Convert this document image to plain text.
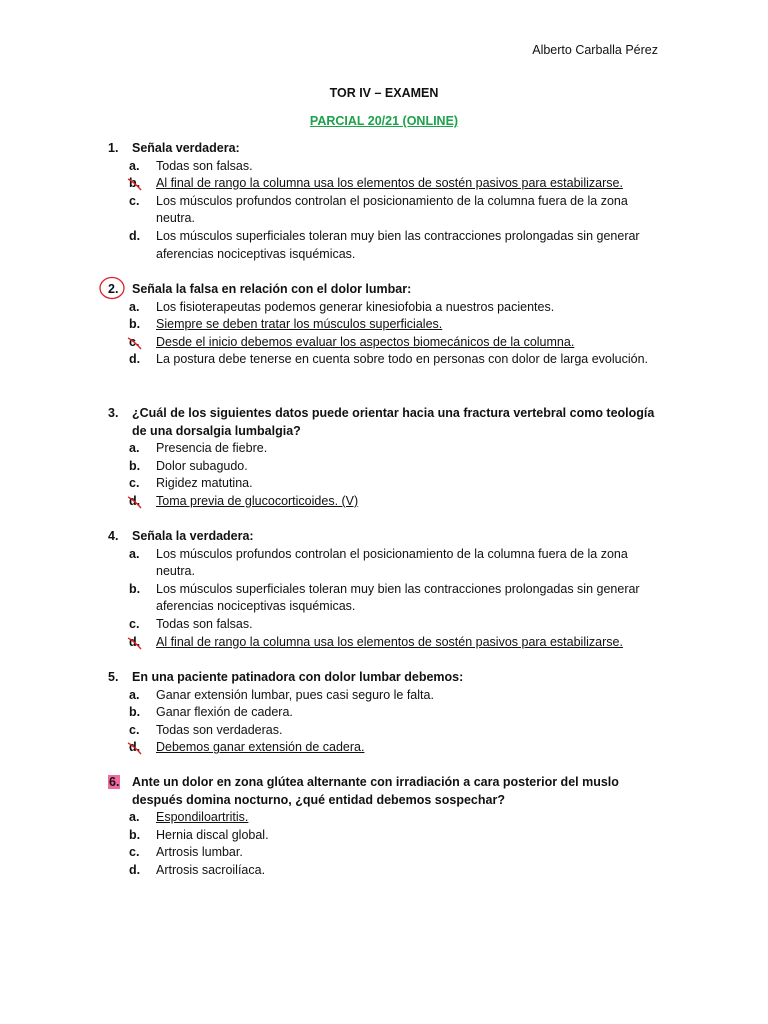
Alberto Carballa Pérez
TOR IV – EXAMEN
PARCIAL 20/21 (ONLINE)
1.	Señala verdadera:
a.	Todas son falsas.
b.	Al final de rango la columna usa los elementos de sostén pasivos para estabilizarse.
c.	Los músculos profundos controlan el posicionamiento de la columna fuera de la zona neutra.
d.	Los músculos superficiales toleran muy bien las contracciones prolongadas sin generar aferencias nociceptivas isquémicas.
2.	Señala la falsa en relación con el dolor lumbar:
a.	Los fisioterapeutas podemos generar kinesiofobia a nuestros pacientes.
b.	Siempre se deben tratar los músculos superficiales.
c.	Desde el inicio debemos evaluar los aspectos biomecánicos de la columna.
d.	La postura debe tenerse en cuenta sobre todo en personas con dolor de larga evolución.
3.	¿Cuál de los siguientes datos puede orientar hacia una fractura vertebral como teología de una dorsalgia lumbalgia?
a.	Presencia de fiebre.
b.	Dolor subagudo.
c.	Rigidez matutina.
d.	Toma previa de glucocorticoides. (V)
4.	Señala la verdadera:
a.	Los músculos profundos controlan el posicionamiento de la columna fuera de la zona neutra.
b.	Los músculos superficiales toleran muy bien las contracciones prolongadas sin generar aferencias nociceptivas isquémicas.
c.	Todas son falsas.
d.	Al final de rango la columna usa los elementos de sostén pasivos para estabilizarse.
5.	En una paciente patinadora con dolor lumbar debemos:
a.	Ganar extensión lumbar, pues casi seguro le falta.
b.	Ganar flexión de cadera.
c.	Todas son verdaderas.
d.	Debemos ganar extensión de cadera.
6.	Ante un dolor en zona glútea alternante con irradiación a cara posterior del muslo después domina nocturno, ¿qué entidad debemos sospechar?
a.	Espondiloartritis.
b.	Hernia discal global.
c.	Artrosis lumbar.
d.	Artrosis sacroilíaca.
